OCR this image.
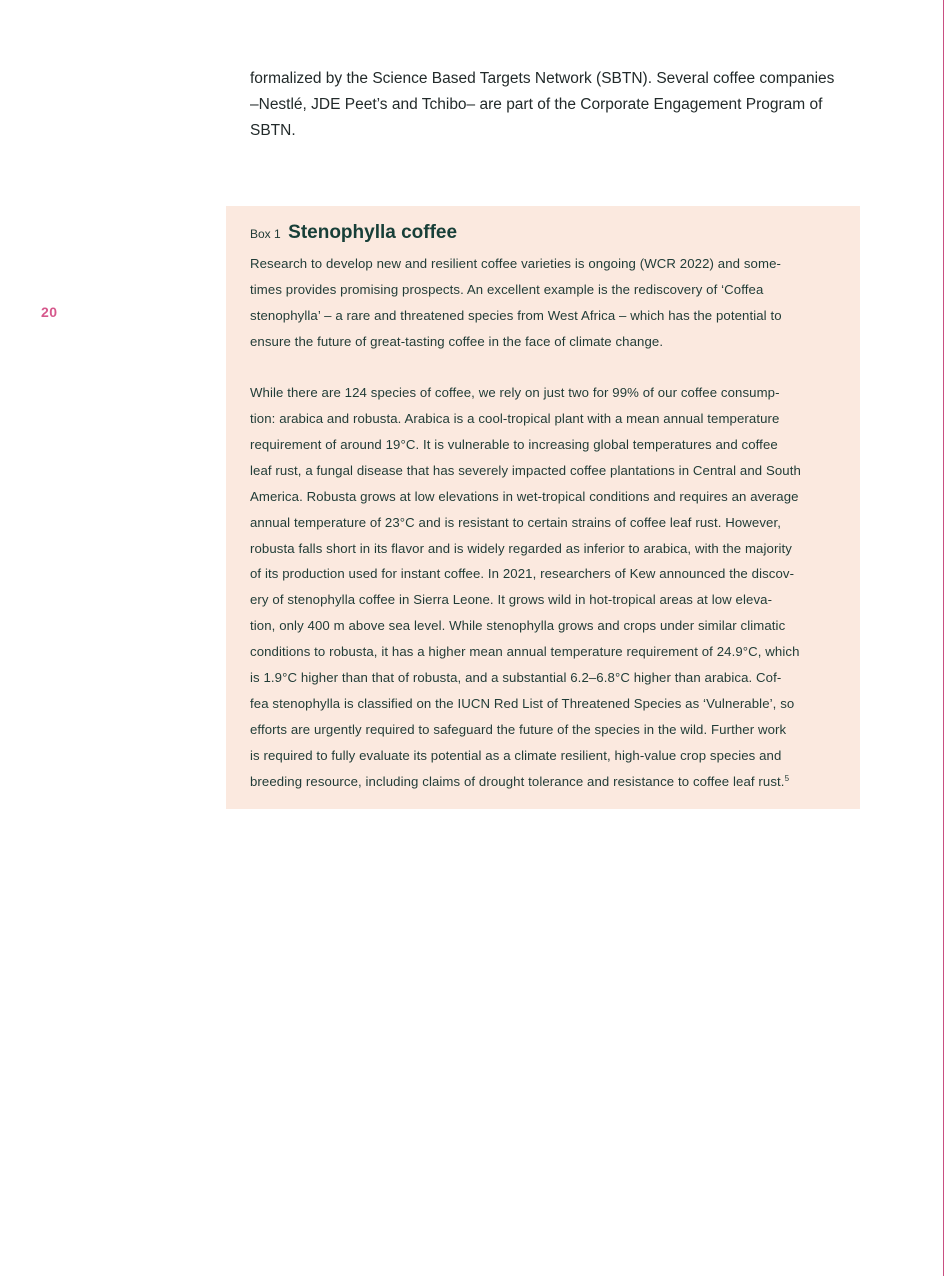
20

formalized by the Science Based Targets Network (SBTN). Several coffee companies
–Nestlé, JDE Peet’s and Tchibo– are part of the Corporate Engagement Program of
SBTN.

Box 1 Stenophylla coffee

Research to develop new and resilient coffee varieties is ongoing (WCR 2022) and some-
times provides promising prospects. An excellent example is the rediscovery of ‘Coffea
stenophylla’ – a rare and threatened species from West Africa – which has the potential to
ensure the future of great-tasting coffee in the face of climate change.

While there are 124 species of coffee, we rely on just two for 99% of our coffee consump-
tion: arabica and robusta. Arabica is a cool-tropical plant with a mean annual temperature
requirement of around 19°C. It is vulnerable to increasing global temperatures and coffee
leaf rust, a fungal disease that has severely impacted coffee plantations in Central and South
America. Robusta grows at low elevations in wet-tropical conditions and requires an average
annual temperature of 23°C and is resistant to certain strains of coffee leaf rust. However,
robusta falls short in its flavor and is widely regarded as inferior to arabica, with the majority
of its production used for instant coffee. In 2021, researchers of Kew announced the discov-
ery of stenophylla coffee in Sierra Leone. It grows wild in hot-tropical areas at low eleva-
tion, only 400 m above sea level. While stenophylla grows and crops under similar climatic
conditions to robusta, it has a higher mean annual temperature requirement of 24.9°C, which
is 1.9°C higher than that of robusta, and a substantial 6.2–6.8°C higher than arabica. Cof-
fea stenophylla is classified on the IUCN Red List of Threatened Species as ‘Vulnerable’, so
efforts are urgently required to safeguard the future of the species in the wild. Further work
is required to fully evaluate its potential as a climate resilient, high-value crop species and
breeding resource, including claims of drought tolerance and resistance to coffee leaf rust.$^5$
